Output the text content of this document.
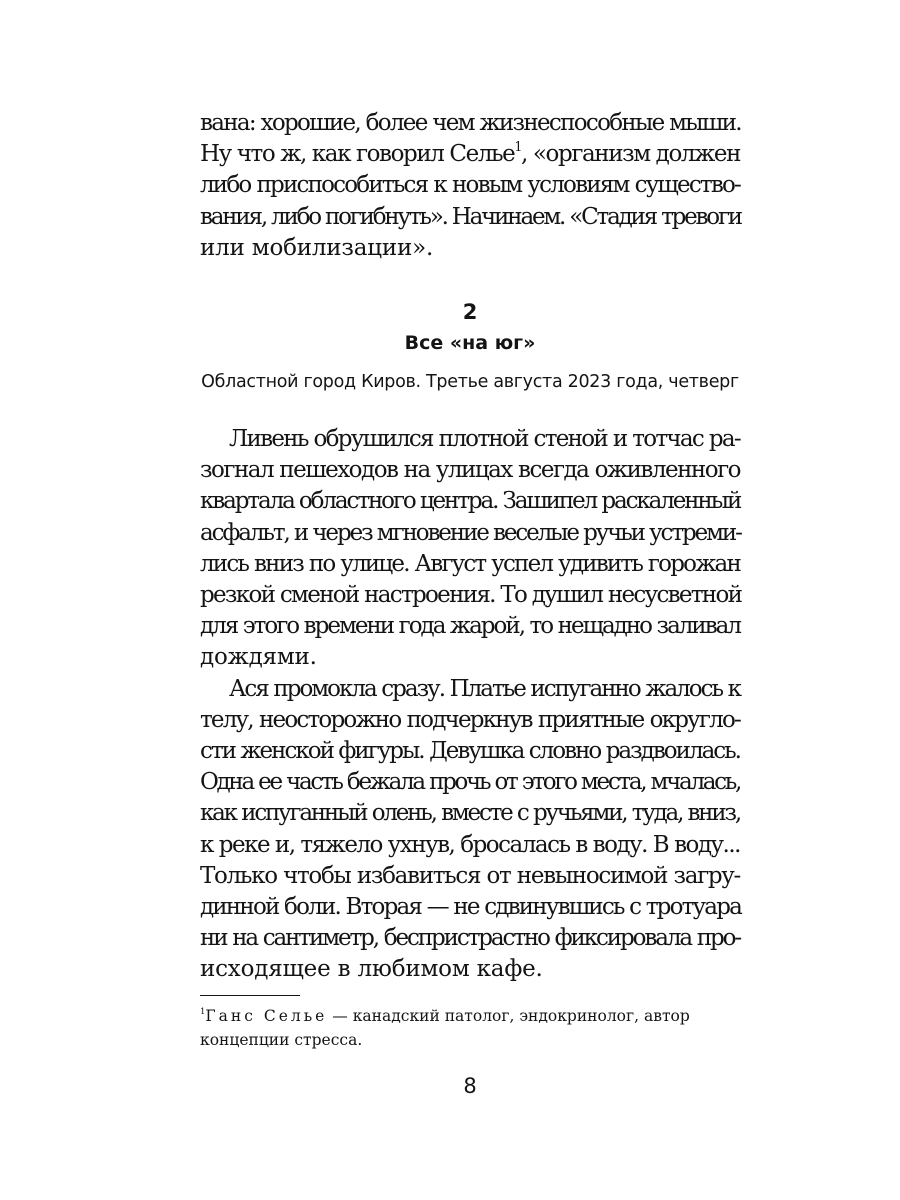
вана: хорошие, более чем жизнеспособные мыши.
Ну что ж, как говорил Селье$^1$, «организм должен
либо приспособиться к новым условиям существо-
вания, либо погибнуть». Начинаем. «Стадия тревоги
или мобилизации».
2
Все «на юг»
Областной город Киров. Третье августа 2023 года, четверг
Ливень обрушился плотной стеной и тотчас ра-
зогнал пешеходов на улицах всегда оживленного
квартала областного центра. Зашипел раскаленный
асфальт, и через мгновение веселые ручьи устреми-
лись вниз по улице. Август успел удивить горожан
резкой сменой настроения. То душил несусветной
для этого времени года жарой, то нещадно заливал
дождями.
Ася промокла сразу. Платье испуганно жалось к
телу, неосторожно подчеркнув приятные округло-
сти женской фигуры. Девушка словно раздвоилась.
Одна ее часть бежала прочь от этого места, мчалась,
как испуганный олень, вместе с ручьями, туда, вниз,
к реке и, тяжело ухнув, бросалась в воду. В воду...
Только чтобы избавиться от невыносимой загру-
динной боли. Вторая — не сдвинувшись с тротуара
ни на сантиметр, беспристрастно фиксировала про-
исходящее в любимом кафе.
$^1$Ганс Селье — канадский патолог, эндокринолог, автор
концепции стресса.
8
